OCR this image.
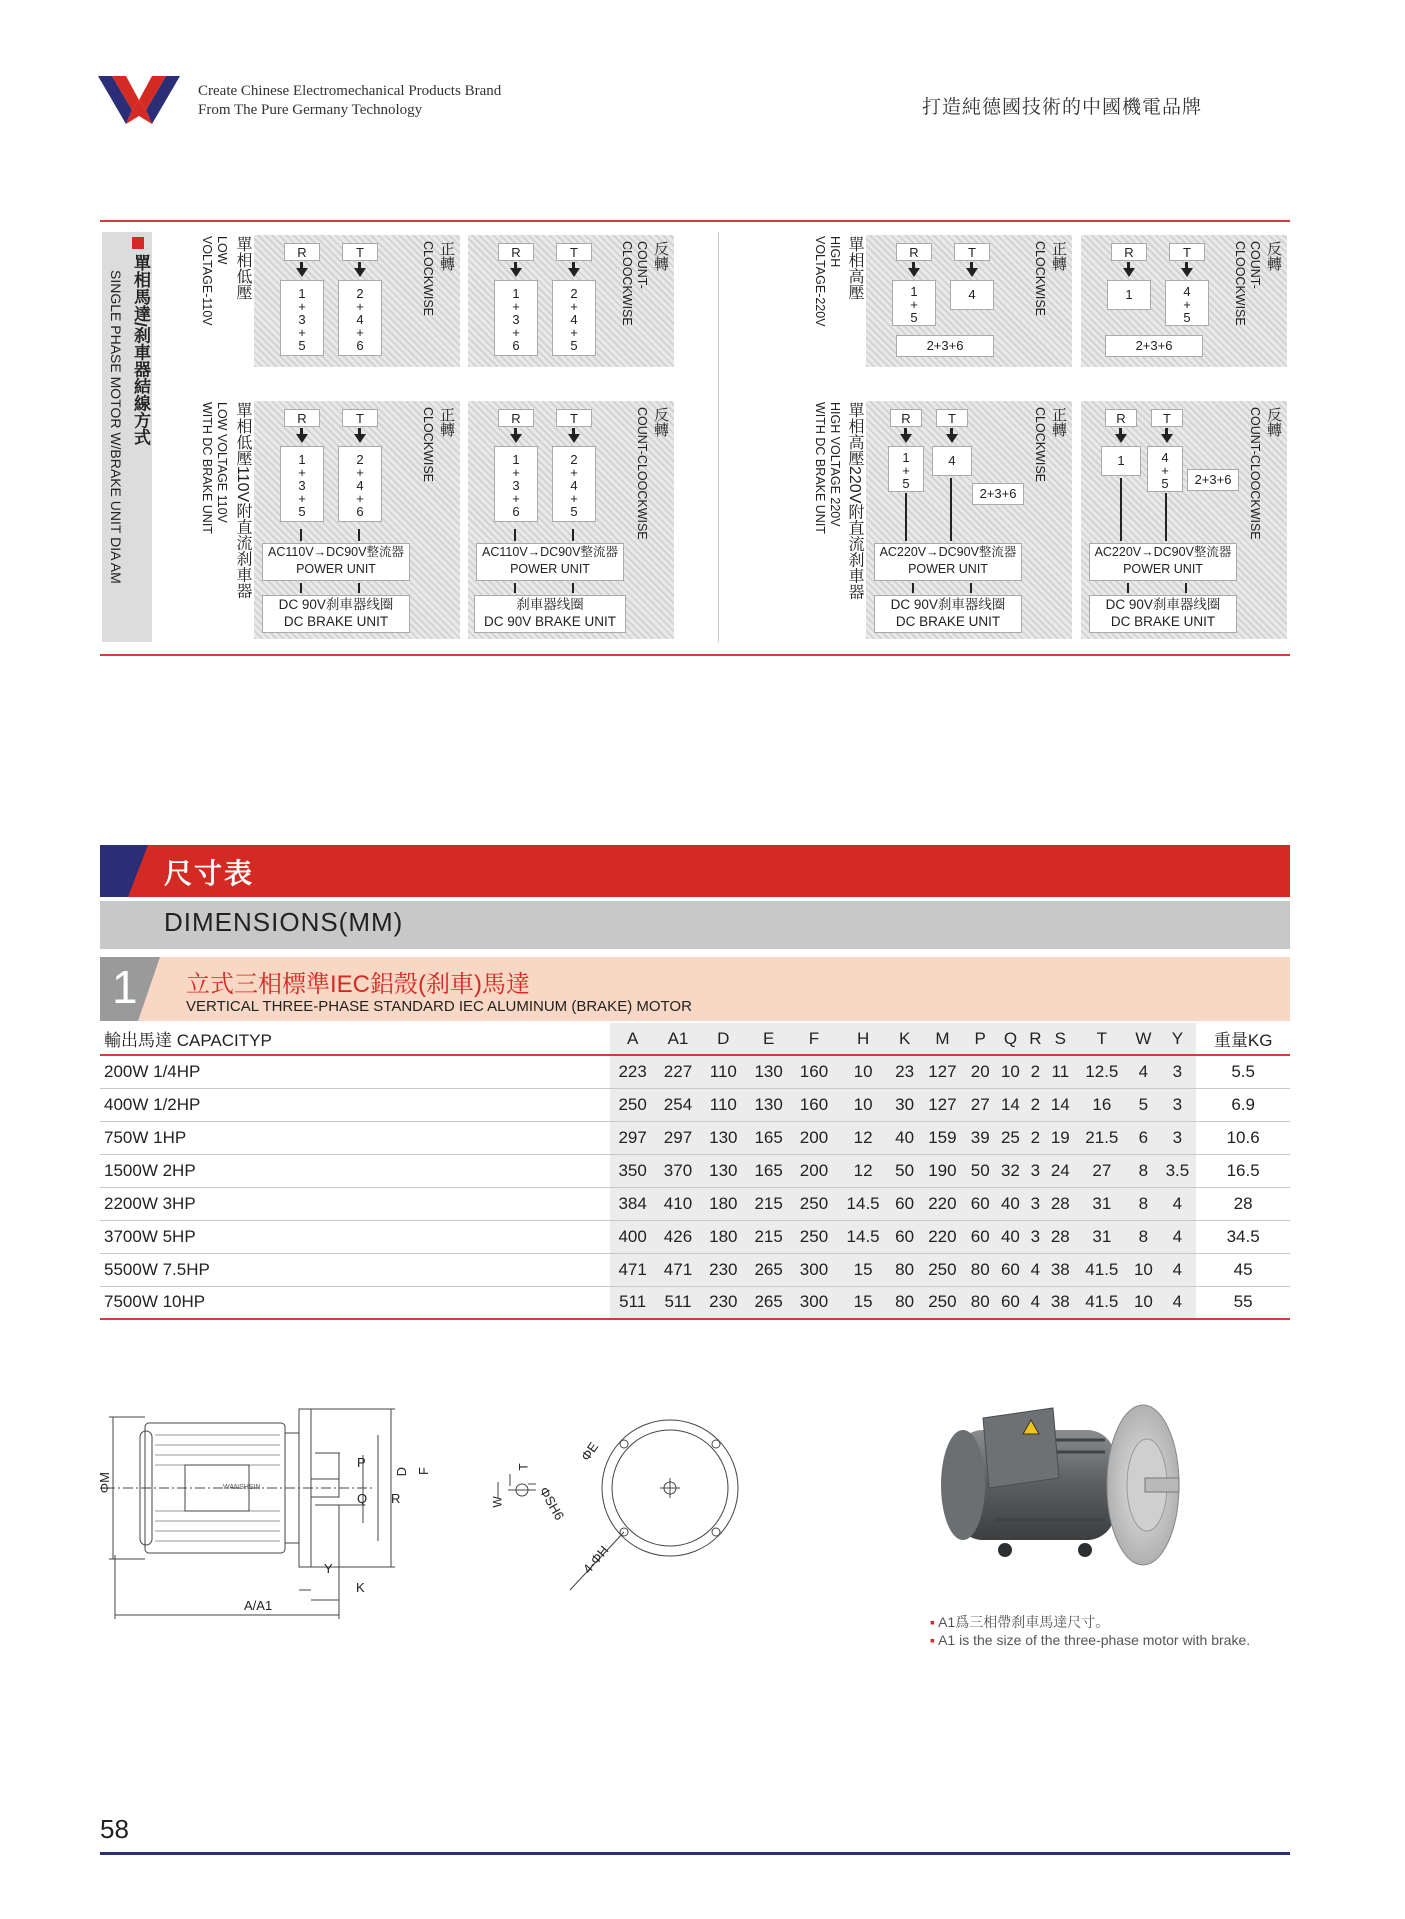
Create Chinese Electromechanical Products Brand
From The Pure Germany Technology	打造純德國技術的中國機電品牌
單相馬達/刹車器結線方式
SINGLE PHASE MOTOR W/BRAKE UNIT DIA AM
單相低壓
LOW
VOLTAGE-110V	R	T
1+3+5	2+4+6
正轉
CLOCKWISE	R	T
1+3+6	2+4+5
反轉
COUNT-
CLOOCKWISE	單相高壓
HIGH
VOLTAGE-220V	R	T
1+5	4
2+3+6
正轉
CLOCKWISE	R	T
1	4+5
2+3+6
反轉
COUNT-
CLOOCKWISE
單相低壓110V附直流刹車器
LOW VOLTAGE 110V
WITH DC BRAKE UNIT	R	T
1+3+5	2+4+6
AC110V→DC90V整流器
POWER UNIT
DC 90V刹車器线圈
DC BRAKE UNIT
正轉
CLOCKWISE	R	T
1+3+6	2+4+5
AC110V→DC90V整流器
POWER UNIT
刹車器线圈
DC 90V BRAKE UNIT
反轉
COUNT-CLOOCKWISE	單相高壓220V附直流刹車器
HIGH VOLTAGE 220V
WITH DC BRAKE UNIT	R	T
1+5	4
2+3+6
AC220V→DC90V整流器
POWER UNIT
DC 90V刹車器线圈
DC BRAKE UNIT
正轉
CLOCKWISE	R	T
1	4+5	2+3+6
AC220V→DC90V整流器
POWER UNIT
DC 90V刹車器线圈
DC BRAKE UNIT
反轉
COUNT-CLOOCKWISE
尺寸表
DIMENSIONS(MM)
1 立式三相標準IEC鋁殼(刹車)馬達
VERTICAL THREE-PHASE STANDARD IEC ALUMINUM (BRAKE) MOTOR
輸出馬達 CAPACITYP	A	A1	D	E	F	H	K	M	P	Q	R	S	T	W	Y	重量KG
200W 1/4HP	223	227	110	130	160	10	23	127	20	10	2	11	12.5	4	3	5.5
400W 1/2HP	250	254	110	130	160	10	30	127	27	14	2	14	16	5	3	6.9
750W 1HP	297	297	130	165	200	12	40	159	39	25	2	19	21.5	6	3	10.6
1500W 2HP	350	370	130	165	200	12	50	190	50	32	3	24	27	8	3.5	16.5
2200W 3HP	384	410	180	215	250	14.5	60	220	60	40	3	28	31	8	4	28
3700W 5HP	400	426	180	215	250	14.5	60	220	60	40	3	28	31	8	4	34.5
5500W 7.5HP	471	471	230	265	300	15	80	250	80	60	4	38	41.5	10	4	45
7500W 10HP	511	511	230	265	300	15	80	250	80	60	4	38	41.5	10	4	55
WANSHSIN
ΦM
A/A1
P
Q R
D F
Y
K
ΦE
ΦSH6
T
W
4-ΦH
▪ A1爲三相帶刹車馬達尺寸。
▪ A1 is the size of the three-phase motor with brake.
58
